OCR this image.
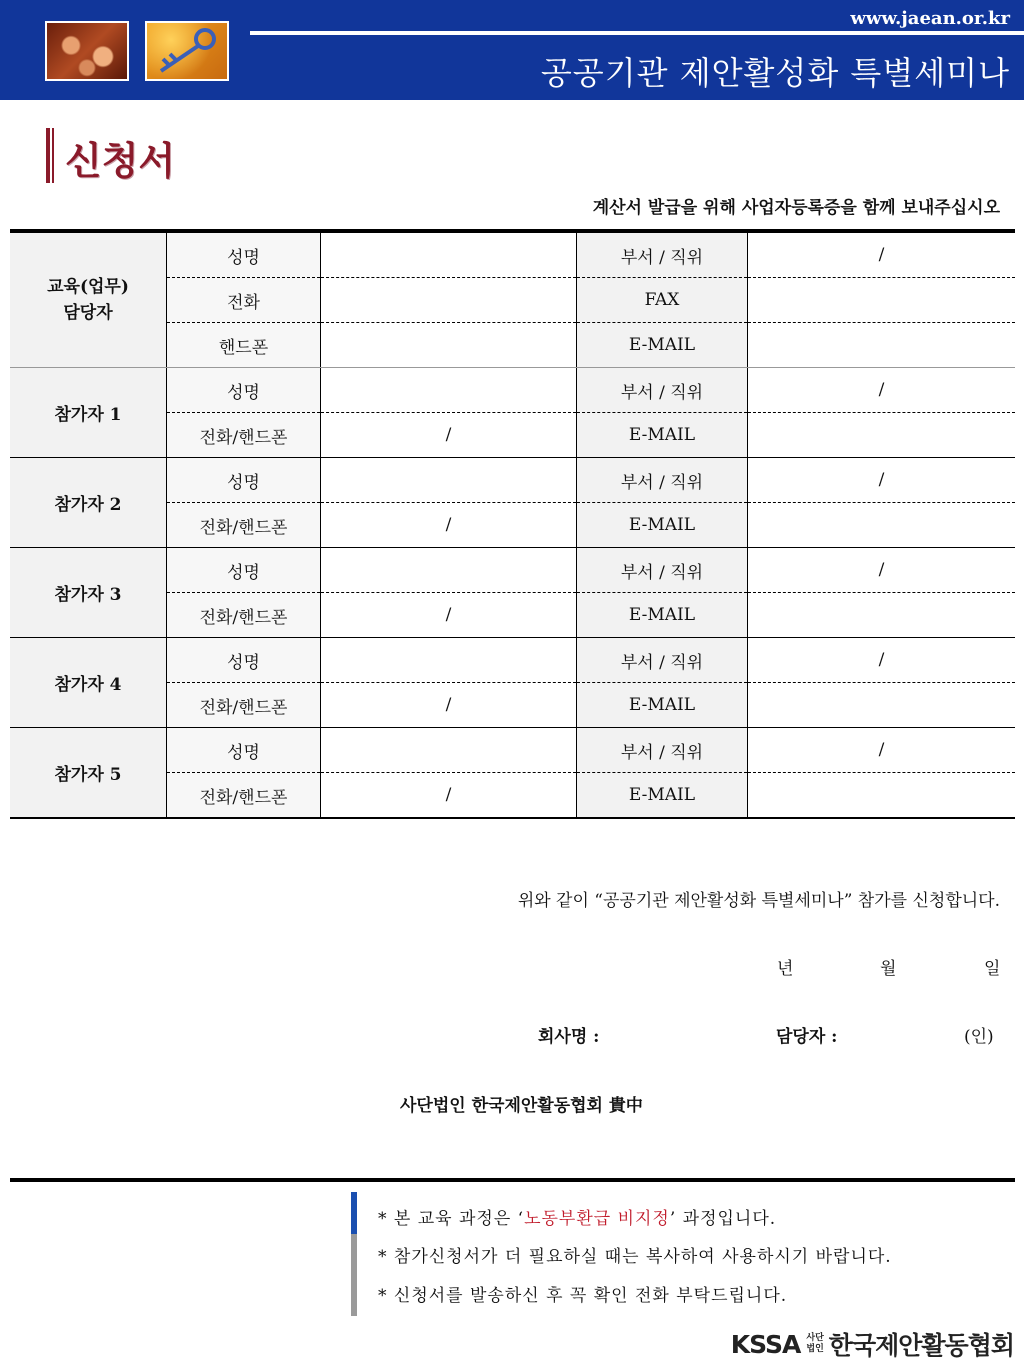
www.jaean.or.kr
공공기관 제안활성화 특별세미나
신청서
계산서 발급을 위해 사업자등록증을 함께 보내주십시오
교육(업무)
담당자	성명		부서 / 직위	/
	전화		FAX	
	핸드폰		E-MAIL	
참가자 1	성명		부서 / 직위	/
	전화/핸드폰	/	E-MAIL	
참가자 2	성명		부서 / 직위	/
	전화/핸드폰	/	E-MAIL	
참가자 3	성명		부서 / 직위	/
	전화/핸드폰	/	E-MAIL	
참가자 4	성명		부서 / 직위	/
	전화/핸드폰	/	E-MAIL	
참가자 5	성명		부서 / 직위	/
	전화/핸드폰	/	E-MAIL	
위와 같이 “공공기관 제안활성화 특별세미나” 참가를 신청합니다.
년	월	일
회사명 :	담당자 :	(인)
사단법인 한국제안활동협회 貴中
* 본 교육 과정은 ‘노동부환급 비지정’ 과정입니다.
* 참가신청서가 더 필요하실 때는 복사하여 사용하시기 바랍니다.
* 신청서를 발송하신 후 꼭 확인 전화 부탁드립니다.
KSSA 사단
법인 한국제안활동협회
